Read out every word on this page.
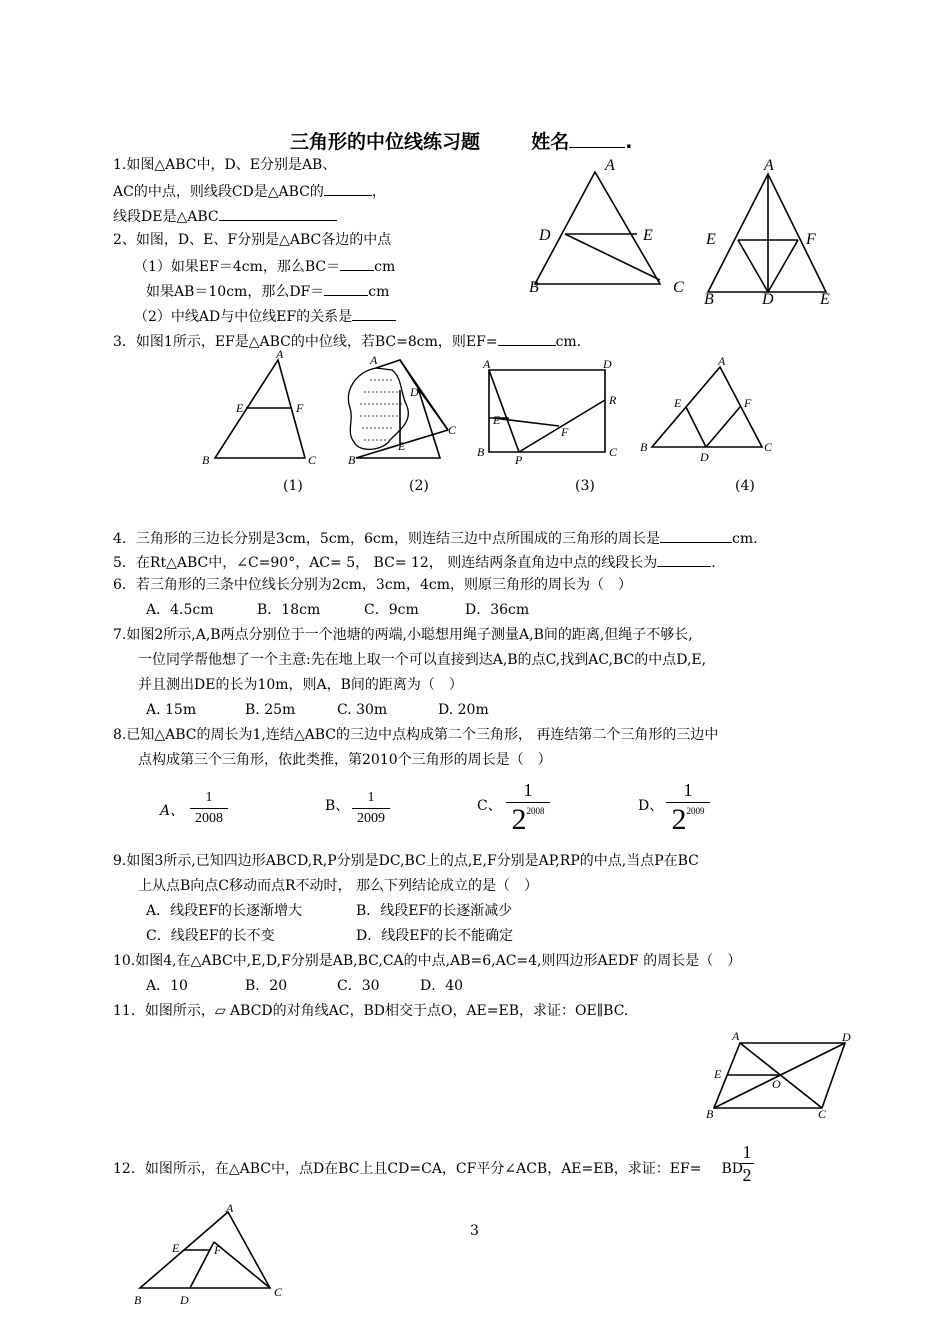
三角形的中位线练习题	姓名	.
1.如图△ABC中，D、E分别是AB、
AC的中点，则线段CD是△ABC的	，
线段DE是△ABC
2、如图，D、E、F分别是△ABC各边的中点
（1）如果EF＝4cm，那么BC＝ cm
如果AB＝10cm，那么DF＝	cm
（2）中线AD与中位线EF的关系是
A
D	E
B	C
A
E	F
B	D	E
3．如图1所示，EF是△ABC的中位线，若BC=8cm，则EF=	cm.
A
E	F
B	C
(1)
A
D
E
C
B
(2)
A	D
R
E
F
B
P
C
(3)
A
E	F
B
D
C
(4)
4．三角形的三边长分别是3cm，5cm，6cm，则连结三边中点所围成的三角形的周长是	cm.
5．在Rt△ABC中，∠C=90°，AC= 5， BC= 12， 则连结两条直角边中点的线段长为	.
6．若三角形的三条中位线长分别为2cm，3cm，4cm，则原三角形的周长为（　）
A．4.5cm	B．18cm	C．9cm	D．36cm
7.如图2所示,A,B两点分别位于一个池塘的两端,小聪想用绳子测量A,B间的距离,但绳子不够长,
一位同学帮他想了一个主意:先在地上取一个可以直接到达A,B的点C,找到AC,BC的中点D,E,
并且测出DE的长为10m，则A，B间的距离为（　）
A. 15m	B. 25m	C. 30m	D. 20m
8.已知△ABC的周长为1,连结△ABC的三边中点构成第二个三角形， 再连结第二个三角形的三边中
点构成第三个三角形，依此类推，第2010个三角形的周长是（　）
A、
1
2008
B、
1
2009
C、
1
$2^{2008}$	D、
1
$2^{2009}$
9.如图3所示,已知四边形ABCD,R,P分别是DC,BC上的点,E,F分别是AP,RP的中点,当点P在BC
上从点B向点C移动而点R不动时， 那么下列结论成立的是（　）
A．线段EF的长逐渐增大	B．线段EF的长逐渐减少
C．线段EF的长不变	D．线段EF的长不能确定
10.如图4,在△ABC中,E,D,F分别是AB,BC,CA的中点,AB=6,AC=4,则四边形AEDF 的周长是（　）
A．10	B．20	C．30	D．40
11．如图所示，▱ ABCD的对角线AC，BD相交于点O，AE=EB，求证：OE∥BC.
A	D
E
O
B	C
12．如图所示，在△ABC中，点D在BC上且CD=CA，CF平分∠ACB，AE=EB，求证：EF= BD.
1
2
A
E	F
B	D
C
3
